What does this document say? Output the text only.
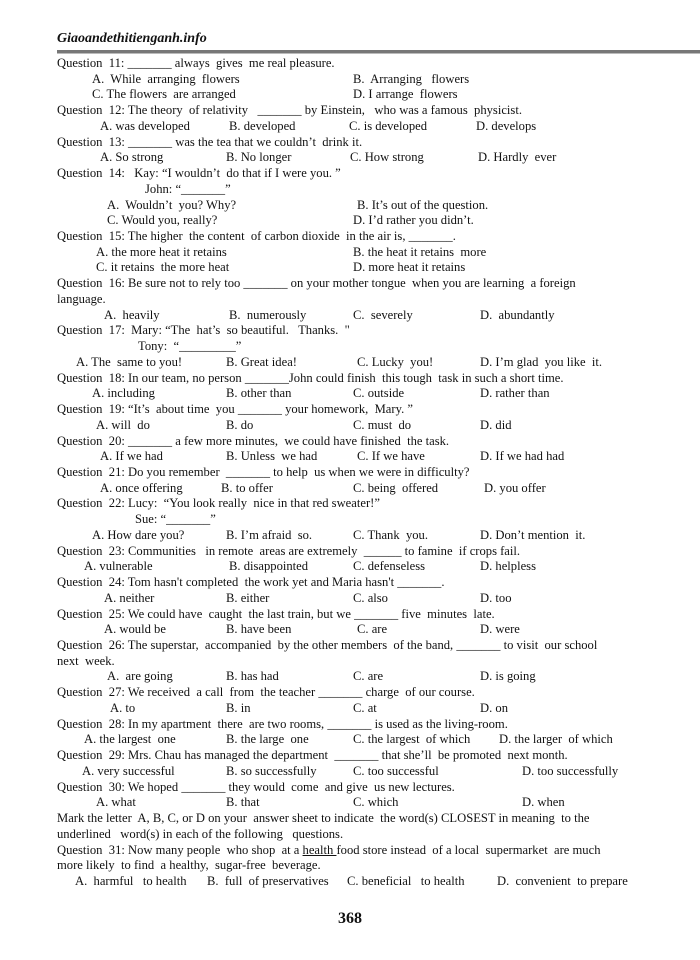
Giaoandethitienganh.info
Question  11: _______ always  gives  me real pleasure.
A.  While  arranging  flowers	B.  Arranging   flowers
C. The flowers  are arranged	D. I arrange  flowers
Question  12: The theory  of relativity   _______ by Einstein,   who was a famous  physicist.
A. was developed	B. developed	C. is developed	D. develops
Question  13: _______ was the tea that we couldn’t  drink it.
A. So strong	B. No longer	C. How strong	D. Hardly  ever
Question  14:   Kay: “I wouldn’t  do that if I were you. ”
John: “_______”
A.  Wouldn’t  you? Why?	B. It’s out of the question.
C. Would you, really?	D. I’d rather you didn’t.
Question  15: The higher  the content  of carbon dioxide  in the air is, _______.
A. the more heat it retains	B. the heat it retains  more
C. it retains  the more heat	D. more heat it retains
Question  16: Be sure not to rely too _______ on your mother tongue  when you are learning  a foreign
language.
A.  heavily	B.  numerously	C.  severely	D.  abundantly
Question  17:  Mary: “The  hat’s  so beautiful.   Thanks.  "
Tony:  “_________”
A. The  same to you!	B. Great idea!	C. Lucky  you!	D. I’m glad  you like  it.
Question  18: In our team, no person _______John could finish  this tough  task in such a short time.
A. including	B. other than	C. outside	D. rather than
Question  19: “It’s  about time  you _______ your homework,  Mary. ”
A. will  do	B. do	C. must  do	D. did
Question  20: _______ a few more minutes,  we could have finished  the task.
A. If we had	B. Unless  we had	C. If we have	D. If we had had
Question  21: Do you remember  _______ to help  us when we were in difficulty?
A. once offering	B. to offer	C. being  offered	D. you offer
Question  22: Lucy:  “You look really  nice in that red sweater!”
Sue: “_______”
A. How dare you?	B. I’m afraid  so.	C. Thank  you.	D. Don’t mention  it.
Question  23: Communities   in remote  areas are extremely  ______ to famine  if crops fail.
A. vulnerable	B. disappointed	C. defenseless	D. helpless
Question  24: Tom hasn't completed  the work yet and Maria hasn't _______.
A. neither	B. either	C. also	D. too
Question  25: We could have  caught  the last train, but we _______ five  minutes  late.
A. would be	B. have been	C. are	D. were
Question  26: The superstar,  accompanied  by the other members  of the band, _______ to visit  our school
next  week.
A.  are going	B. has had	C. are	D. is going
Question  27: We received  a call  from  the teacher _______ charge  of our course.
A. to	B. in	C. at	D. on
Question  28: In my apartment  there  are two rooms, _______ is used as the living-room.
A. the largest  one	B. the large  one	C. the largest  of which D. the larger  of which
Question  29: Mrs. Chau has managed the department  _______ that she’ll  be promoted  next month.
A. very successful	B. so successfully	C. too successful	D. too successfully
Question  30: We hoped _______ they would  come  and give  us new lectures.
A. what	B. that	C. which	D. when
Mark the letter  A, B, C, or D on your  answer sheet to indicate  the word(s) CLOSEST in meaning  to the
underlined   word(s) in each of the following   questions.
Question  31: Now many people  who shop  at a health food store instead  of a local  supermarket  are much
more likely  to find  a healthy,  sugar-free  beverage.
A.  harmful   to health B.  full  of preservatives C. beneficial   to health	D.  convenient  to prepare
368
